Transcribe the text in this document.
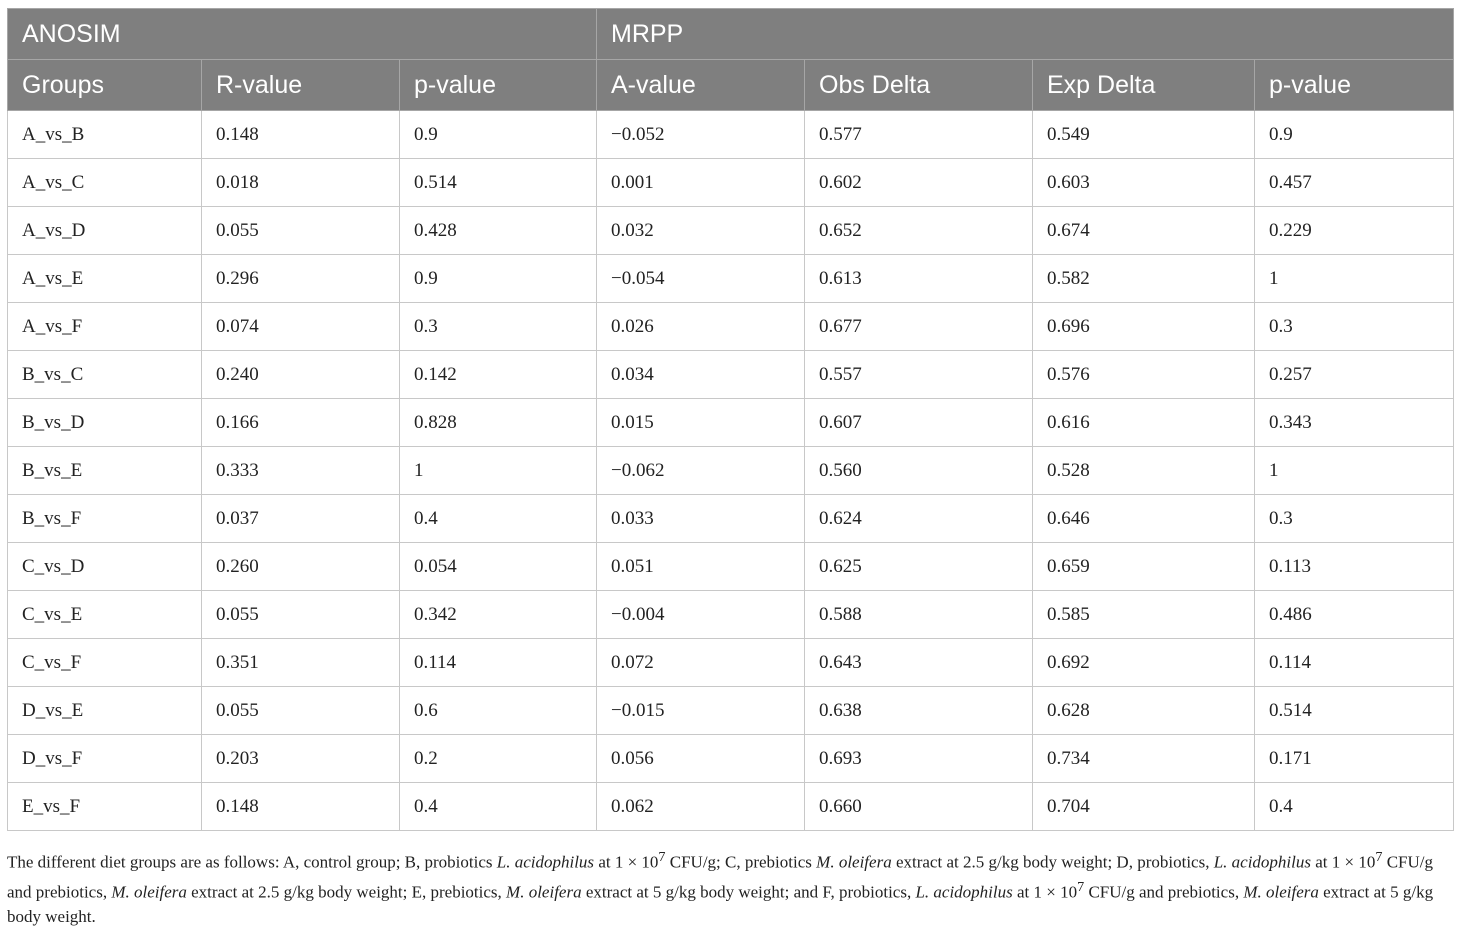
ANOSIM			MRPP			
Groups	R-value	p-value	A-value	Obs Delta	Exp Delta	p-value
A_vs_B	0.148	0.9	−0.052	0.577	0.549	0.9
A_vs_C	0.018	0.514	0.001	0.602	0.603	0.457
A_vs_D	0.055	0.428	0.032	0.652	0.674	0.229
A_vs_E	0.296	0.9	−0.054	0.613	0.582	1
A_vs_F	0.074	0.3	0.026	0.677	0.696	0.3
B_vs_C	0.240	0.142	0.034	0.557	0.576	0.257
B_vs_D	0.166	0.828	0.015	0.607	0.616	0.343
B_vs_E	0.333	1	−0.062	0.560	0.528	1
B_vs_F	0.037	0.4	0.033	0.624	0.646	0.3
C_vs_D	0.260	0.054	0.051	0.625	0.659	0.113
C_vs_E	0.055	0.342	−0.004	0.588	0.585	0.486
C_vs_F	0.351	0.114	0.072	0.643	0.692	0.114
D_vs_E	0.055	0.6	−0.015	0.638	0.628	0.514
D_vs_F	0.203	0.2	0.056	0.693	0.734	0.171
E_vs_F	0.148	0.4	0.062	0.660	0.704	0.4
The different diet groups are as follows: A, control group; B, probiotics L. acidophilus at $1 \times 10^7$ CFU/g; C, prebiotics M. oleifera extract at 2.5 g/kg body weight; D, probiotics, L. acidophilus at $1 \times 10^7$ CFU/g and prebiotics, M. oleifera extract at 2.5 g/kg body weight; E, prebiotics, M. oleifera extract at 5 g/kg body weight; and F, probiotics, L. acidophilus at $1 \times 10^7$ CFU/g and prebiotics, M. oleifera extract at 5 g/kg body weight.
